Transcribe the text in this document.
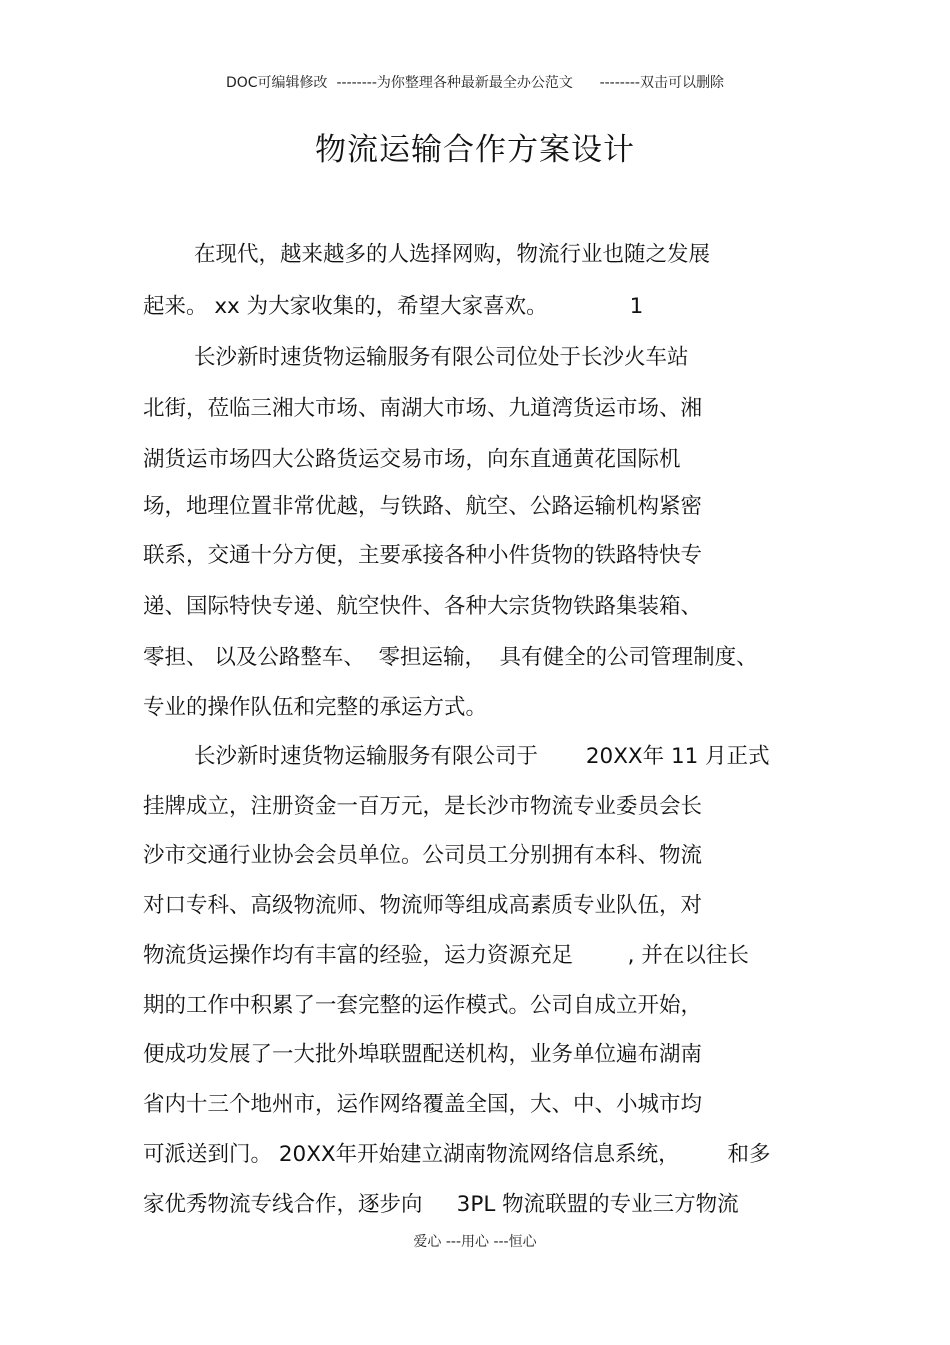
DOC可编辑修改  --------为你整理各种最新最全办公范文      --------双击可以删除
物流运输合作方案设计
在现代，越来越多的人选择网购，物流行业也随之发展
起来。 xx 为大家收集的，希望大家喜欢。            1
长沙新时速货物运输服务有限公司位处于长沙火车站
北街，莅临三湘大市场、南湖大市场、九道湾货运市场、湘
湖货运市场四大公路货运交易市场，向东直通黄花国际机
场，地理位置非常优越，与铁路、航空、公路运输机构紧密
联系，交通十分方便，主要承接各种小件货物的铁路特快专
递、国际特快专递、航空快件、各种大宗货物铁路集装箱、
零担、 以及公路整车、  零担运输，  具有健全的公司管理制度、
专业的操作队伍和完整的承运方式。
长沙新时速货物运输服务有限公司于       20XX年 11 月正式
挂牌成立，注册资金一百万元，是长沙市物流专业委员会长
沙市交通行业协会会员单位。公司员工分别拥有本科、物流
对口专科、高级物流师、物流师等组成高素质专业队伍，对
物流货运操作均有丰富的经验，运力资源充足        , 并在以往长
期的工作中积累了一套完整的运作模式。公司自成立开始，
便成功发展了一大批外埠联盟配送机构，业务单位遍布湖南
省内十三个地州市，运作网络覆盖全国，大、中、小城市均
可派送到门。 20XX年开始建立湖南物流网络信息系统，       和多
家优秀物流专线合作，逐步向     3PL 物流联盟的专业三方物流
爱心 ---用心 ---恒心
